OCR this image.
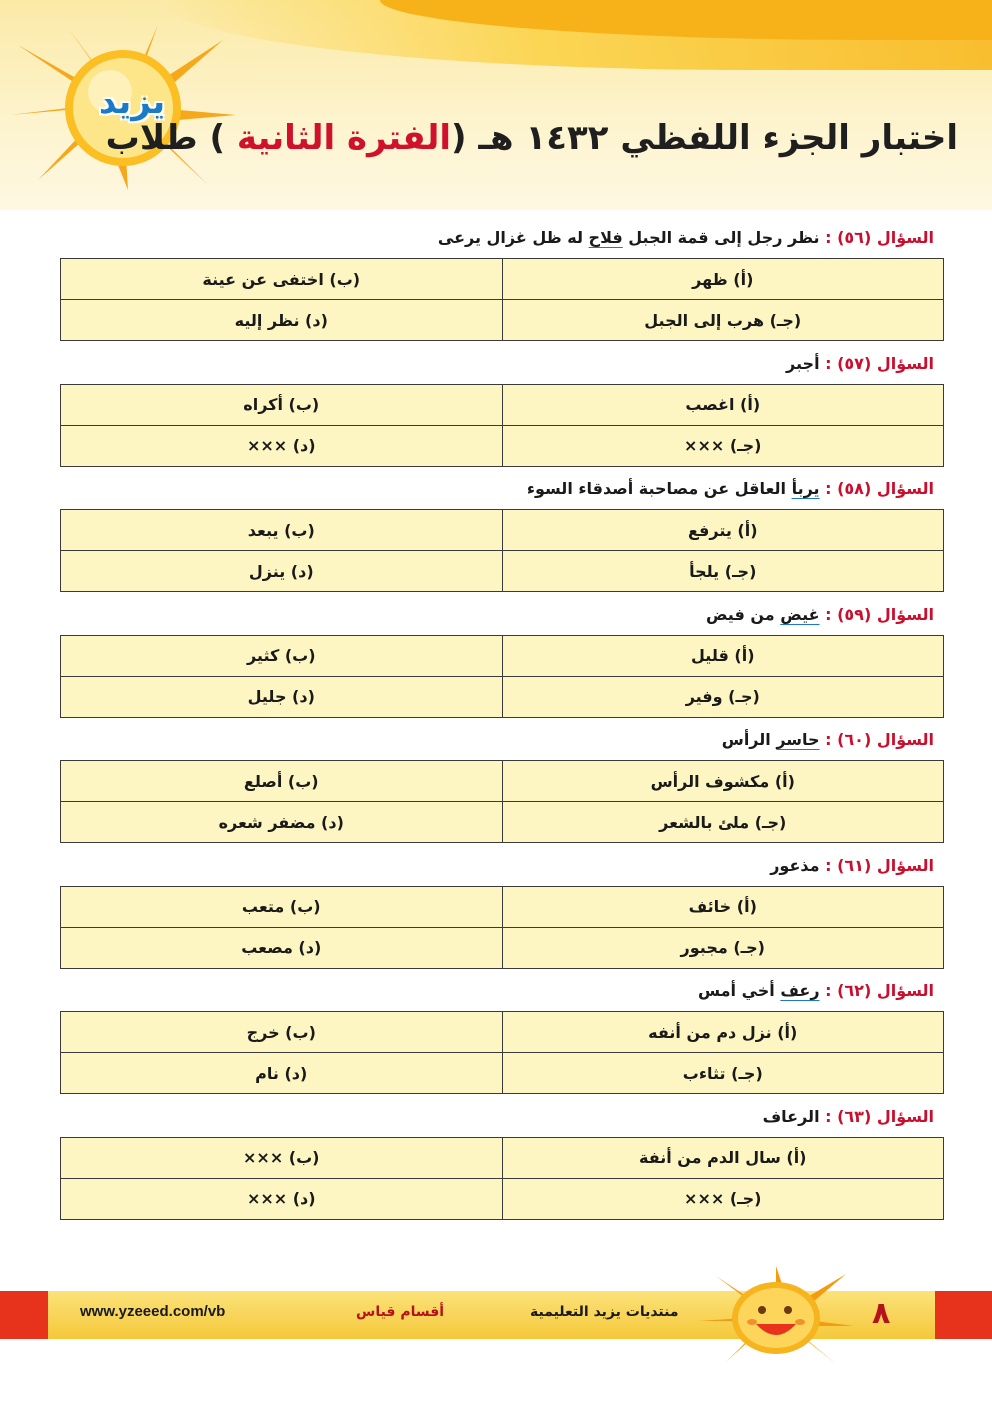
يزيد
اختبار الجزء اللفظي ١٤٣٢ هـ (الفترة الثانية ) طلاب
السؤال (٥٦) : نظر رجل إلى قمة الجبل فلاح له ظل غزال يرعى
(أ) ظهر	(ب) اختفى عن عينة
(جـ) هرب إلى الجبل	(د) نظر إليه
السؤال (٥٧) : أجبر
(أ) اغصب	(ب) أكراه
(جـ) ×××	(د) ×××
السؤال (٥٨) : يربأ العاقل عن مصاحبة أصدقاء السوء
(أ) يترفع	(ب) يبعد
(جـ) يلجأ	(د) ينزل
السؤال (٥٩) : غيض من فيض
(أ) قليل	(ب) كثير
(جـ) وفير	(د) جليل
السؤال (٦٠) : حاسر الرأس
(أ) مكشوف الرأس	(ب) أصلع
(جـ) ملئ بالشعر	(د) مضفر شعره
السؤال (٦١) : مذعور
(أ) خائف	(ب) متعب
(جـ) مجبور	(د) مصعب
السؤال (٦٢) : رعف أخي أمس
(أ) نزل دم من أنفه	(ب) خرج
(جـ) تثاءب	(د) نام
السؤال (٦٣) : الرعاف
(أ) سال الدم من أنفة	(ب) ×××
(جـ) ×××	(د) ×××
www.yzeeed.com/vb	أقسام قياس	منتديات يزيد التعليمية	٨
